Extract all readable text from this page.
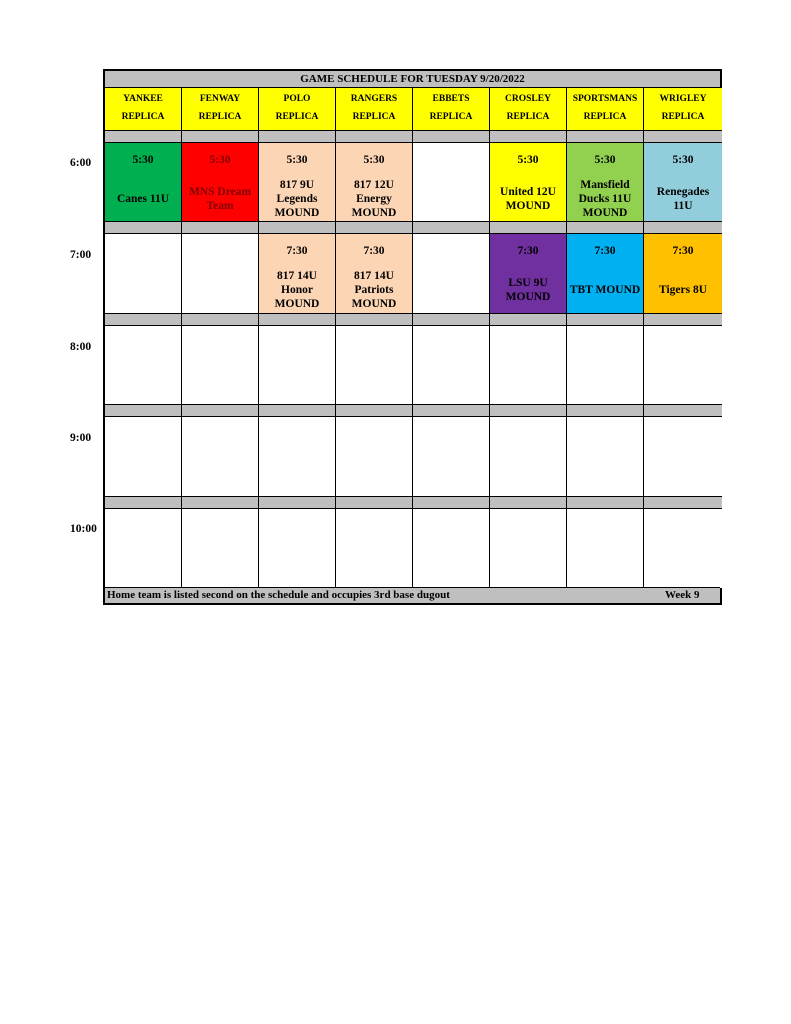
6:00
7:00
8:00
9:00
10:00
GAME SCHEDULE FOR TUESDAY 9/20/2022
YANKEE
REPLICA
FENWAY
REPLICA
POLO
REPLICA
RANGERS
REPLICA
EBBETS
REPLICA
CROSLEY
REPLICA
SPORTSMANS
REPLICA
WRIGLEY
REPLICA
5:30
Canes 11U
5:30
MNS Dream Team
5:30
817 9U Legends MOUND
5:30
817 12U Energy MOUND
5:30
United 12U MOUND
5:30
Mansfield Ducks 11U MOUND
5:30
Renegades 11U
7:30
817 14U Honor MOUND
7:30
817 14U Patriots MOUND
7:30
LSU 9U MOUND
7:30
TBT MOUND
7:30
Tigers 8U
Home team is listed second on the schedule and occupies 3rd base dugout	Week 9
